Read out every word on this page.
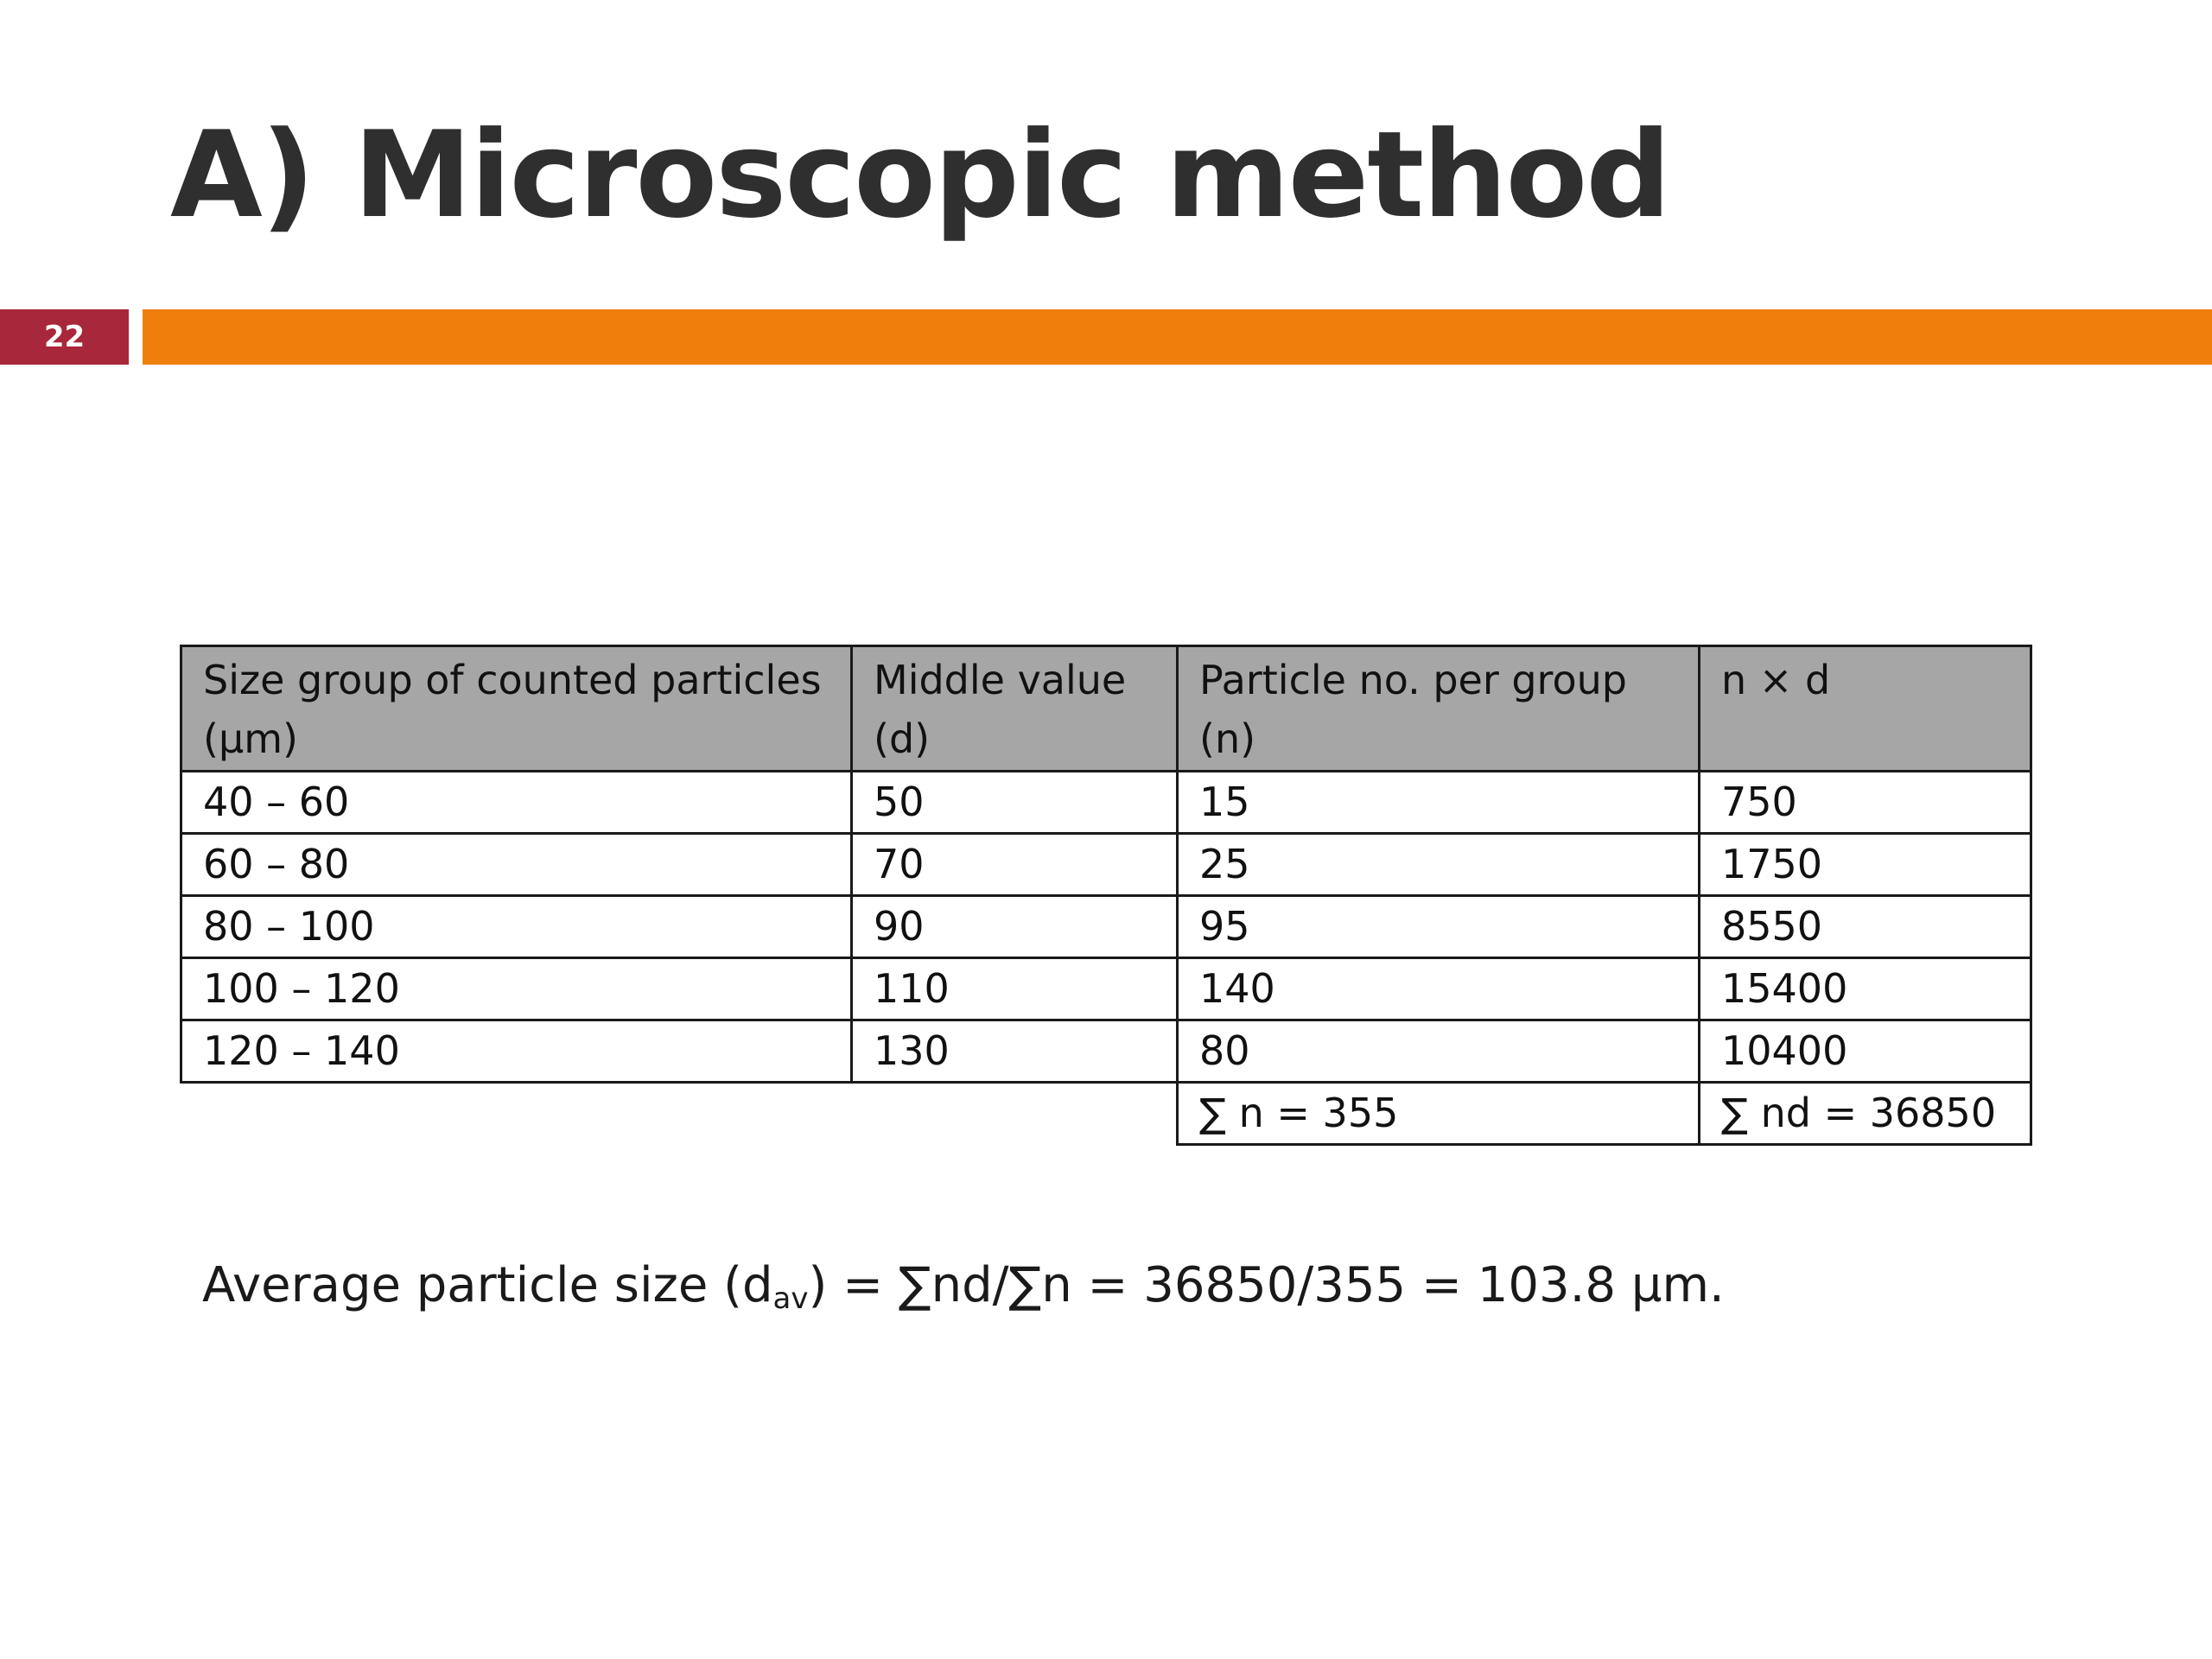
A) Microscopic method
22
Size group of counted particles (µm)	Middle value (d)	Particle no. per group (n)	n × d
40 – 60	50	15	750
60 – 80	70	25	1750
80 – 100	90	95	8550
100 – 120	110	140	15400
120 – 140	130	80	10400
		∑ n = 355	∑ nd = 36850

Average particle size $(d_{av}) = \sum nd/\sum n = 36850/355 = 103.8$ µm.
